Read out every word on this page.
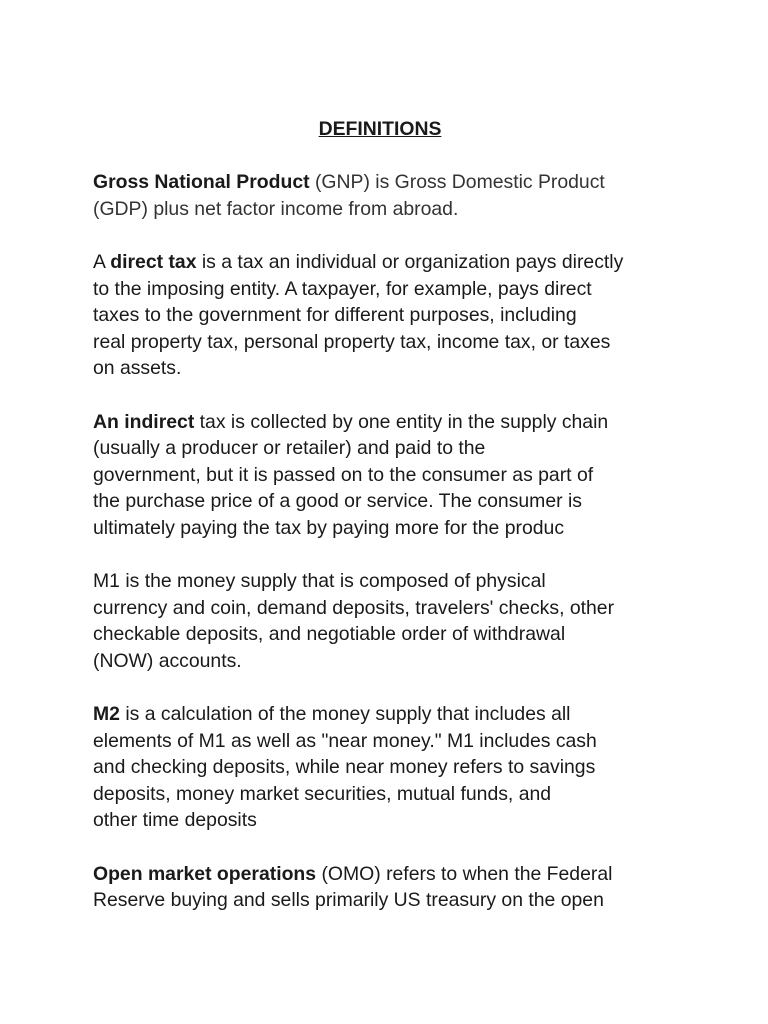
DEFINITIONS
Gross National Product (GNP) is Gross Domestic Product
(GDP) plus net factor income from abroad.
A direct tax is a tax an individual or organization pays directly
to the imposing entity. A taxpayer, for example, pays direct
taxes to the government for different purposes, including
real property tax, personal property tax, income tax, or taxes
on assets.
An indirect tax is collected by one entity in the supply chain
(usually a producer or retailer) and paid to the
government, but it is passed on to the consumer as part of
the purchase price of a good or service. The consumer is
ultimately paying the tax by paying more for the produc
M1 is the money supply that is composed of physical
currency and coin, demand deposits, travelers' checks, other
checkable deposits, and negotiable order of withdrawal
(NOW) accounts.
M2 is a calculation of the money supply that includes all
elements of M1 as well as "near money." M1 includes cash
and checking deposits, while near money refers to savings
deposits, money market securities, mutual funds, and
other time deposits
Open market operations (OMO) refers to when the Federal
Reserve buying and sells primarily US treasury on the open
